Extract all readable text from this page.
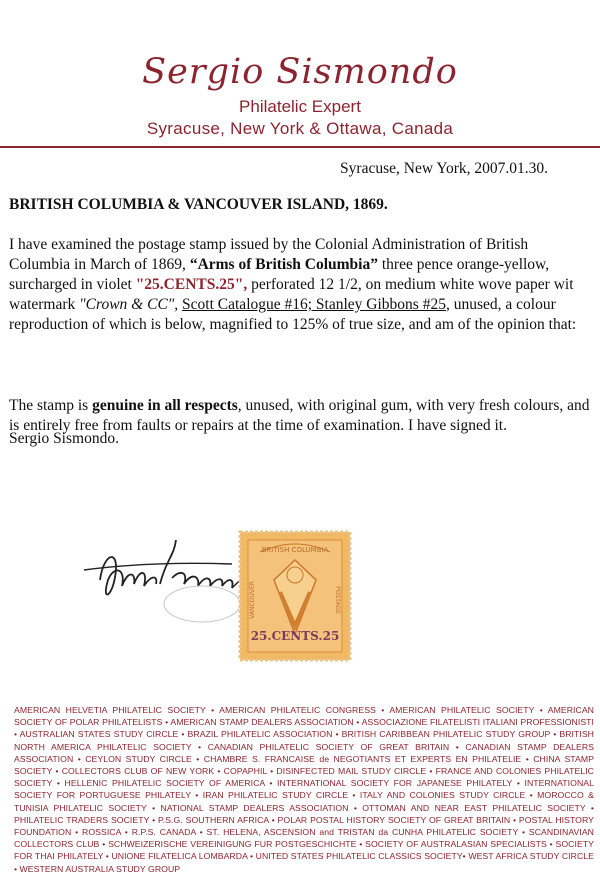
Sergio Sismondo
Philatelic Expert
Syracuse, New York & Ottawa, Canada
Syracuse, New York, 2007.01.30.
BRITISH COLUMBIA & VANCOUVER ISLAND, 1869.
I have examined the postage stamp issued by the Colonial Administration of British Columbia in March of 1869, “Arms of British Columbia” three pence orange-yellow, surcharged in violet "25.CENTS.25", perforated 12 1/2, on medium white wove paper wit watermark "Crown & CC", Scott Catalogue #16; Stanley Gibbons #25, unused, a colour reproduction of which is below, magnified to 125% of true size, and am of the opinion that:
The stamp is genuine in all respects, unused, with original gum, with very fresh colours, and is entirely free from faults or repairs at the time of examination. I have signed it.
Sergio Sismondo.
BRITISH COLUMBIA
VANCOUVER	POSTAGE
25.CENTS.25
AMERICAN HELVETIA PHILATELIC SOCIETY • AMERICAN PHILATELIC CONGRESS • AMERICAN PHILATELIC SOCIETY • AMERICAN SOCIETY OF POLAR PHILATELISTS • AMERICAN STAMP DEALERS ASSOCIATION • ASSOCIAZIONE FILATELISTI ITALIANI PROFESSIONISTI • AUSTRALIAN STATES STUDY CIRCLE • BRAZIL PHILATELIC ASSOCIATION • BRITISH CARIBBEAN PHILATELIC STUDY GROUP • BRITISH NORTH AMERICA PHILATELIC SOCIETY • CANADIAN PHILATELIC SOCIETY OF GREAT BRITAIN • CANADIAN STAMP DEALERS ASSOCIATION • CEYLON STUDY CIRCLE • CHAMBRE S. FRANCAISE de NEGOTIANTS ET EXPERTS EN PHILATELIE • CHINA STAMP SOCIETY • COLLECTORS CLUB OF NEW YORK • COPAPHIL • DISINFECTED MAIL STUDY CIRCLE • FRANCE AND COLONIES PHILATELIC SOCIETY • HELLENIC PHILATELIC SOCIETY OF AMERICA • INTERNATIONAL SOCIETY FOR JAPANESE PHILATELY • INTERNATIONAL SOCIETY FOR PORTUGUESE PHILATELY • IRAN PHILATELIC STUDY CIRCLE • ITALY AND COLONIES STUDY CIRCLE • MOROCCO & TUNISIA PHILATELIC SOCIETY • NATIONAL STAMP DEALERS ASSOCIATION • OTTOMAN AND NEAR EAST PHILATELIC SOCIETY • PHILATELIC TRADERS SOCIETY • P.S.G. SOUTHERN AFRICA • POLAR POSTAL HISTORY SOCIETY OF GREAT BRITAIN • POSTAL HISTORY FOUNDATION • ROSSICA • R.P.S. CANADA • ST. HELENA, ASCENSION and TRISTAN da CUNHA PHILATELIC SOCIETY • SCANDINAVIAN COLLECTORS CLUB • SCHWEIZERISCHE VEREINIGUNG FUR POSTGESCHICHTE • SOCIETY OF AUSTRALASIAN SPECIALISTS • SOCIETY FOR THAI PHILATELY • UNIONE FILATELICA LOMBARDA • UNITED STATES PHILATELIC CLASSICS SOCIETY• WEST AFRICA STUDY CIRCLE • WESTERN AUSTRALIA STUDY GROUP
